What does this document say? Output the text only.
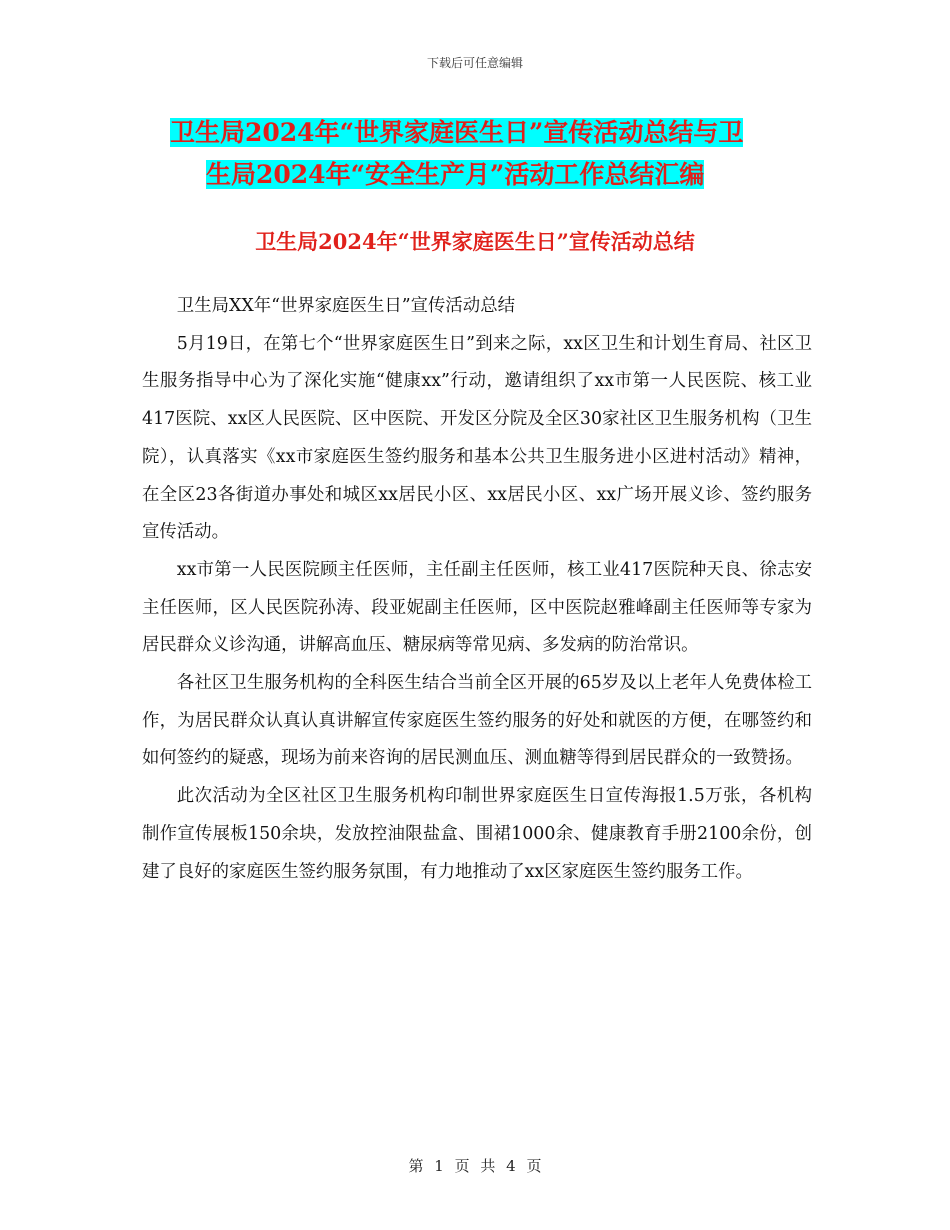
下载后可任意编辑
卫生局2024年“世界家庭医生日”宣传活动总结与卫
生局2024年“安全生产月”活动工作总结汇编
卫生局2024年“世界家庭医生日”宣传活动总结

卫生局XX年“世界家庭医生日”宣传活动总结

5月19日，在第七个“世界家庭医生日”到来之际，xx区卫生和计划生育局、社区卫生服务指导中心为了深化实施“健康xx”行动，邀请组织了xx市第一人民医院、核工业417医院、xx区人民医院、区中医院、开发区分院及全区30家社区卫生服务机构（卫生院），认真落实《xx市家庭医生签约服务和基本公共卫生服务进小区进村活动》精神，在全区23各街道办事处和城区xx居民小区、xx居民小区、xx广场开展义诊、签约服务宣传活动。

xx市第一人民医院顾主任医师，主任副主任医师，核工业417医院种天良、徐志安主任医师，区人民医院孙涛、段亚妮副主任医师，区中医院赵雅峰副主任医师等专家为居民群众义诊沟通，讲解高血压、糖尿病等常见病、多发病的防治常识。

各社区卫生服务机构的全科医生结合当前全区开展的65岁及以上老年人免费体检工作，为居民群众认真认真讲解宣传家庭医生签约服务的好处和就医的方便，在哪签约和如何签约的疑惑，现场为前来咨询的居民测血压、测血糖等得到居民群众的一致赞扬。

此次活动为全区社区卫生服务机构印制世界家庭医生日宣传海报1.5万张，各机构制作宣传展板150余块，发放控油限盐盒、围裙1000余、健康教育手册2100余份，创建了良好的家庭医生签约服务氛围，有力地推动了xx区家庭医生签约服务工作。

第 1 页 共 4 页
